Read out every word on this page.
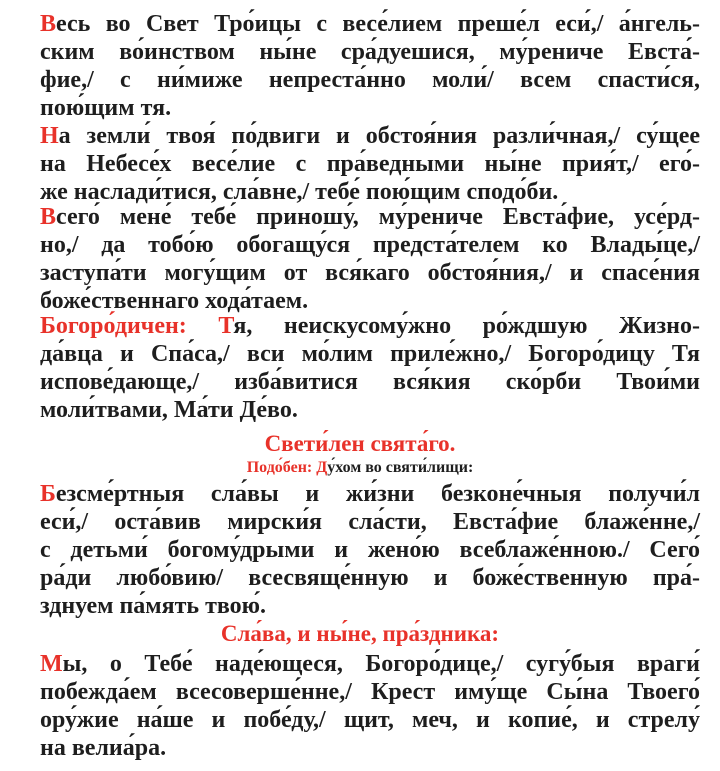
Весь во Свет Тро́ицы с весе́лием преше́л еси́,/ а́нгель-
ским во́инством ны́не сра́дуешися, му́рениче Евста́-
фие,/ с ни́миже непреста́нно моли́/ всем спасти́ся,
пою́щим тя.
На земли́ твоя́ по́двиги и обстоя́ния разли́чная,/ су́щее
на Небесе́х весе́лие с пра́ведными ны́не прия́т,/ его́-
же наслади́тися, сла́вне,/ тебе́ пою́щим сподо́би.
Всего́ мене́ тебе́ приношу́, му́рениче Евста́фие, усе́рд-
но,/ да тобо́ю обогащу́ся предста́телем ко Влады́це,/
заступа́ти могу́щим от вся́каго обстоя́ния,/ и спасе́ния
боже́ственнаго хода́таем.
Богоро́дичен: Тя, неискусому́жно ро́ждшую Жизно-
да́вца и Спа́са,/ вси мо́лим приле́жно,/ Богоро́дицу Тя
испове́дающе,/ изба́витися вся́кия ско́рби Твои́ми
моли́твами, Ма́ти Де́во.
Свети́лен свята́го.
Подо́бен: Ду́хом во святи́лищи:
Безсме́ртныя сла́вы и жи́зни безконе́чныя получи́л
еси́,/ оста́вив мирски́я сла́сти, Евста́фие блаже́нне,/
с детьми́ богому́дрыми и жено́ю всеблаже́нною./ Сего́
ра́ди любо́вию/ всесвяще́нную и боже́ственную пра́-
зднуем па́мять твою́.
Сла́ва, и ны́не, пра́здника:
Мы, о Тебе́ наде́ющеся, Богоро́дице,/ сугу́быя враги́
побежда́ем всесоверше́нне,/ Крест иму́ще Сы́на Твоего́
ору́жие на́ше и побе́ду,/ щит, меч, и копие́, и стрелу́
на велиа́ра.
